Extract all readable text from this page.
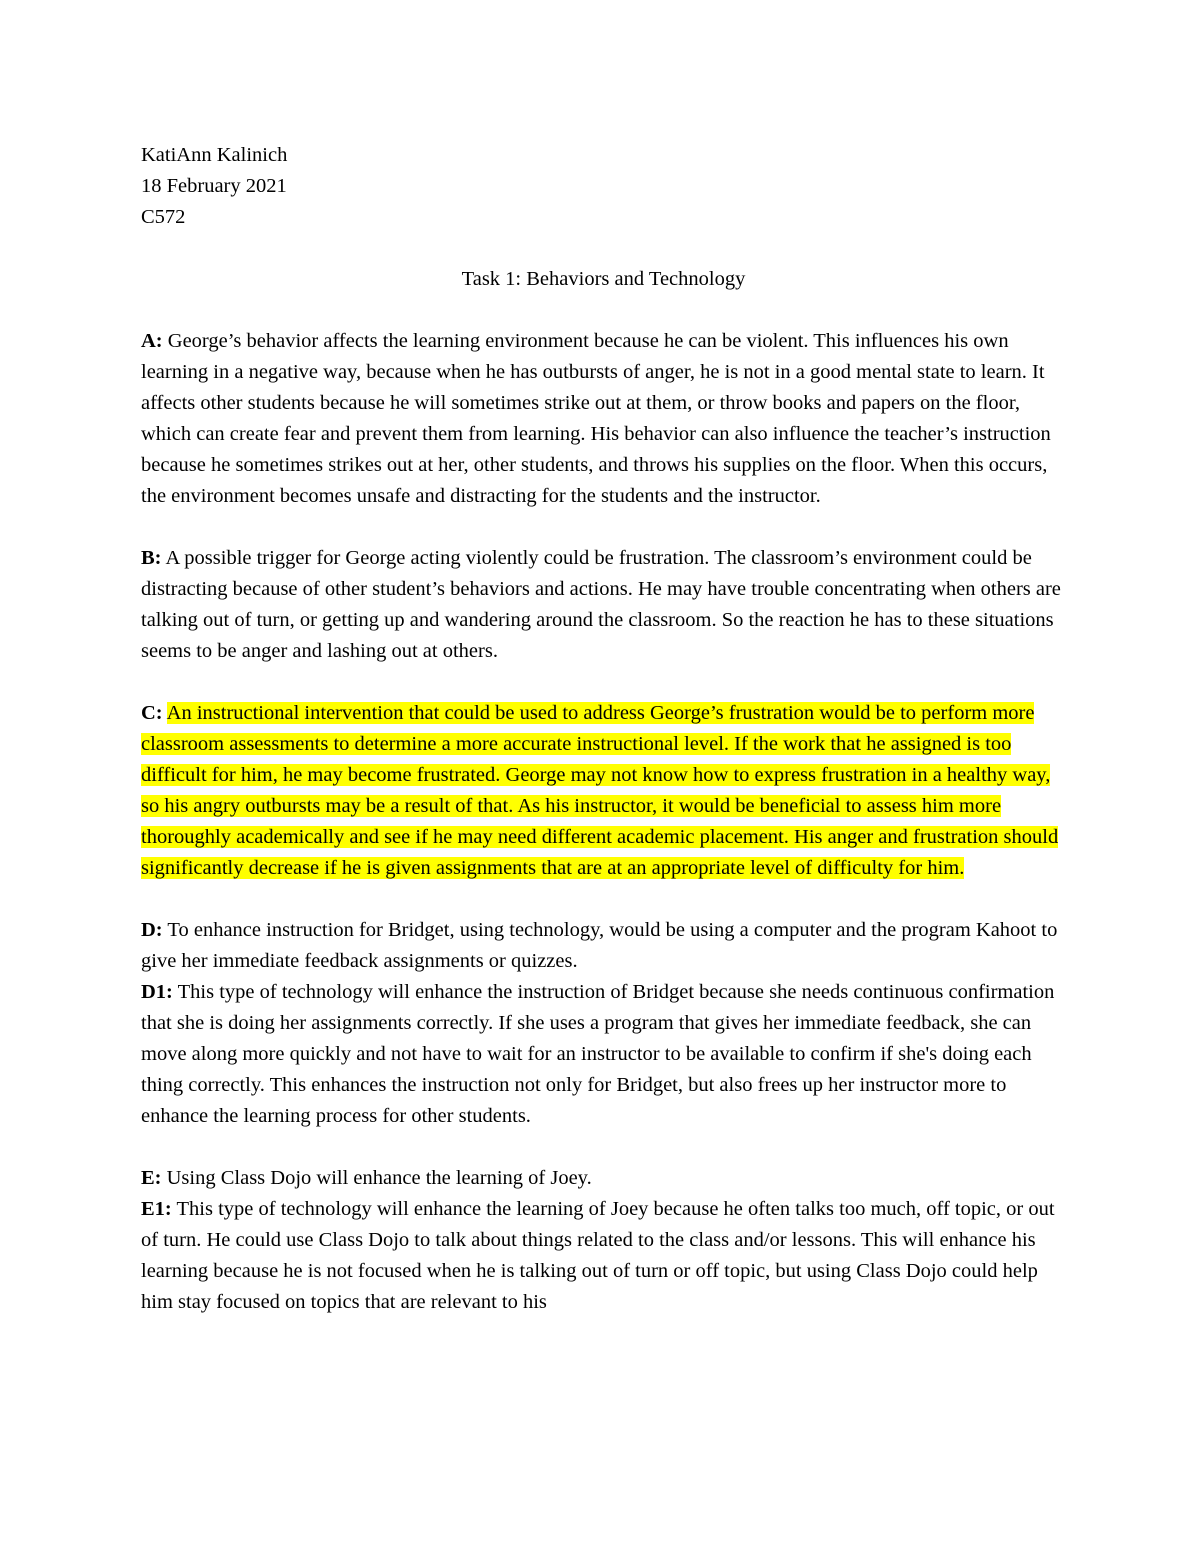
KatiAnn Kalinich

18 February 2021

C572

Task 1: Behaviors and Technology

A: George’s behavior affects the learning environment because he can be violent. This influences his own learning in a negative way, because when he has outbursts of anger, he is not in a good mental state to learn. It affects other students because he will sometimes strike out at them, or throw books and papers on the floor, which can create fear and prevent them from learning. His behavior can also influence the teacher’s instruction because he sometimes strikes out at her, other students, and throws his supplies on the floor. When this occurs, the environment becomes unsafe and distracting for the students and the instructor.

B: A possible trigger for George acting violently could be frustration. The classroom’s environment could be distracting because of other student’s behaviors and actions. He may have trouble concentrating when others are talking out of turn, or getting up and wandering around the classroom. So the reaction he has to these situations seems to be anger and lashing out at others.

C: An instructional intervention that could be used to address George’s frustration would be to perform more classroom assessments to determine a more accurate instructional level. If the work that he assigned is too difficult for him, he may become frustrated. George may not know how to express frustration in a healthy way, so his angry outbursts may be a result of that. As his instructor, it would be beneficial to assess him more thoroughly academically and see if he may need different academic placement. His anger and frustration should significantly decrease if he is given assignments that are at an appropriate level of difficulty for him.

D: To enhance instruction for Bridget, using technology, would be using a computer and the program Kahoot to give her immediate feedback assignments or quizzes.

D1: This type of technology will enhance the instruction of Bridget because she needs continuous confirmation that she is doing her assignments correctly. If she uses a program that gives her immediate feedback, she can move along more quickly and not have to wait for an instructor to be available to confirm if she's doing each thing correctly. This enhances the instruction not only for Bridget, but also frees up her instructor more to enhance the learning process for other students.

E: Using Class Dojo will enhance the learning of Joey.

E1: This type of technology will enhance the learning of Joey because he often talks too much, off topic, or out of turn. He could use Class Dojo to talk about things related to the class and/or lessons. This will enhance his learning because he is not focused when he is talking out of turn or off topic, but using Class Dojo could help him stay focused on topics that are relevant to his
